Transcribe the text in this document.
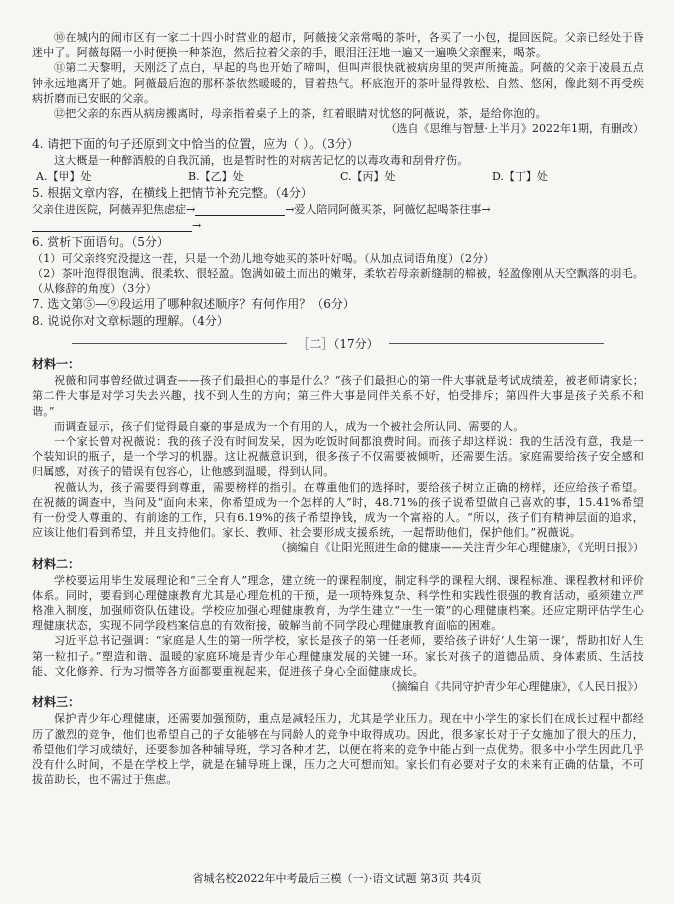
⑩在城内的闹市区有一家二十四小时营业的超市，阿薇接父亲常喝的茶叶，各买了一小包，提回医院。父亲已经处于昏迷中了。阿薇每隔一小时便换一种茶泡，然后拉着父亲的手，眼泪汪汪地一遍又一遍唤父亲醒来，喝茶。

⑪第二天黎明，天刚泛了点白，早起的鸟也开始了啼叫，但叫声很快就被病房里的哭声所掩盖。阿薇的父亲于凌晨五点钟永远地离开了她。阿薇最后泡的那杯茶依然暖暖的，冒着热气。杯底泡开的茶叶显得敦松、自然、悠闲，像此刻不再受疾病折磨而已安眠的父亲。

⑫把父亲的东西从病房搬离时，母亲指着桌子上的茶，红着眼睛对忧悠的阿薇说，茶，是给你泡的。

（选自《思维与智慧·上半月》2022年1期，有删改）

4. 请把下面的句子还原到文中恰当的位置，应为（ ）。（3分）

这大概是一种醉酒般的自我沉涌，也是暂时性的对病苦记忆的以毒攻毒和刮骨疗伤。

A.【甲】处	B.【乙】处	C.【丙】处	D.【丁】处

5. 根据文章内容，在横线上把情节补充完整。（4分）

父亲住进医院，阿薇弄犯焦虑症→	→爱人陪同阿薇买茶，阿薇忆起喝茶往事→
→

6. 赏析下面语句。（5分）

（1）可父亲终究没提这一茬，只是一个劲儿地夸她买的茶叶好喝。（从加点词语角度）（2分）

（2）茶叶泡得很饱满、很柔软、很轻盈。饱满如破土而出的嫩芽，柔软若母亲新缝制的棉被，轻盈像刚从天空飘落的羽毛。（从修辞的角度）（3分）

7. 选文第⑤—⑨段运用了哪种叙述顺序？有何作用？（6分）

8. 说说你对文章标题的理解。（4分）

［二］（17分）

材料一：

祝薇和同事曾经做过调查——孩子们最担心的事是什么？“孩子们最担心的第一件大事就是考试成绩差，被老师请家长；第二件大事是对学习失去兴趣，找不到人生的方向；第三件大事是同伴关系不好，怕受排斥；第四件大事是孩子关系不和谐。”

而调查显示，孩子们觉得最自豪的事是成为一个有用的人，成为一个被社会所认同、需要的人。

一个家长曾对祝薇说：我的孩子没有时间发呆，因为吃饭时间都浪费时间。而孩子却这样说：我的生活没有意，我是一个装知识的瓶子，是一个学习的机器。这让祝薇意识到，很多孩子不仅需要被倾听，还需要生活。家庭需要给孩子安全感和归属感，对孩子的错误有包容心，让他感到温暖，得到认同。

祝薇认为，孩子需要得到尊重，需要榜样的指引。在尊重他们的选择时，要给孩子树立正确的榜样，还应给孩子希望。在祝薇的调查中，当问及“面向未来，你希望成为一个怎样的人”时，48.71%的孩子说希望做自己喜欢的事，15.41%希望有一份受人尊重的、有前途的工作，只有6.19%的孩子希望挣钱，成为一个富裕的人。“所以，孩子们有精神层面的追求，应该让他们看到希望，并且支持他们。家长、教师、社会要形成支援系统，一起帮助他们，保护他们。”祝薇说。

（摘编自《让阳光照进生命的健康——关注青少年心理健康》，《光明日报》）

材料二：

学校要运用毕生发展理论和“三全育人”理念，建立统一的课程制度，制定科学的课程大纲、课程标准、课程教材和评价体系。同时，要看到心理健康教育尤其是心理危机的干预，是一项特殊复杂、科学性和实践性很强的教育活动，亟须建立严格准入制度，加强师资队伍建设。学校应加强心理健康教育，为学生建立“一生一策”的心理健康档案。还应定期评估学生心理健康状态，实现不同学段档案信息的有效衔接，破解当前不同学段心理健康教育面临的困难。

习近平总书记强调：“家庭是人生的第一所学校，家长是孩子的第一任老师，要给孩子讲好‘人生第一课’，帮助扣好人生第一粒扣子。”塑造和谐、温暖的家庭环境是青少年心理健康发展的关键一环。家长对孩子的道德品质、身体素质、生活技能、文化修养、行为习惯等各方面都要重视起来，促进孩子身心全面健康成长。

（摘编自《共同守护青少年心理健康》，《人民日报》）

材料三：

保护青少年心理健康，还需要加强预防，重点是减轻压力，尤其是学业压力。现在中小学生的家长们在成长过程中都经历了激烈的竞争，他们也希望自己的子女能够在与同龄人的竞争中取得成功。因此，很多家长对于子女施加了很大的压力，希望他们学习成绩好，还要参加各种辅导班，学习各种才艺，以便在将来的竞争中能占到一点优势。很多中小学生因此几乎没有什么时间，不是在学校上学，就是在辅导班上课，压力之大可想而知。家长们有必要对子女的未来有正确的估量，不可拔苗助长，也不需过于焦虑。

省城名校2022年中考最后三模（一）·语文试题 第3页 共4页
